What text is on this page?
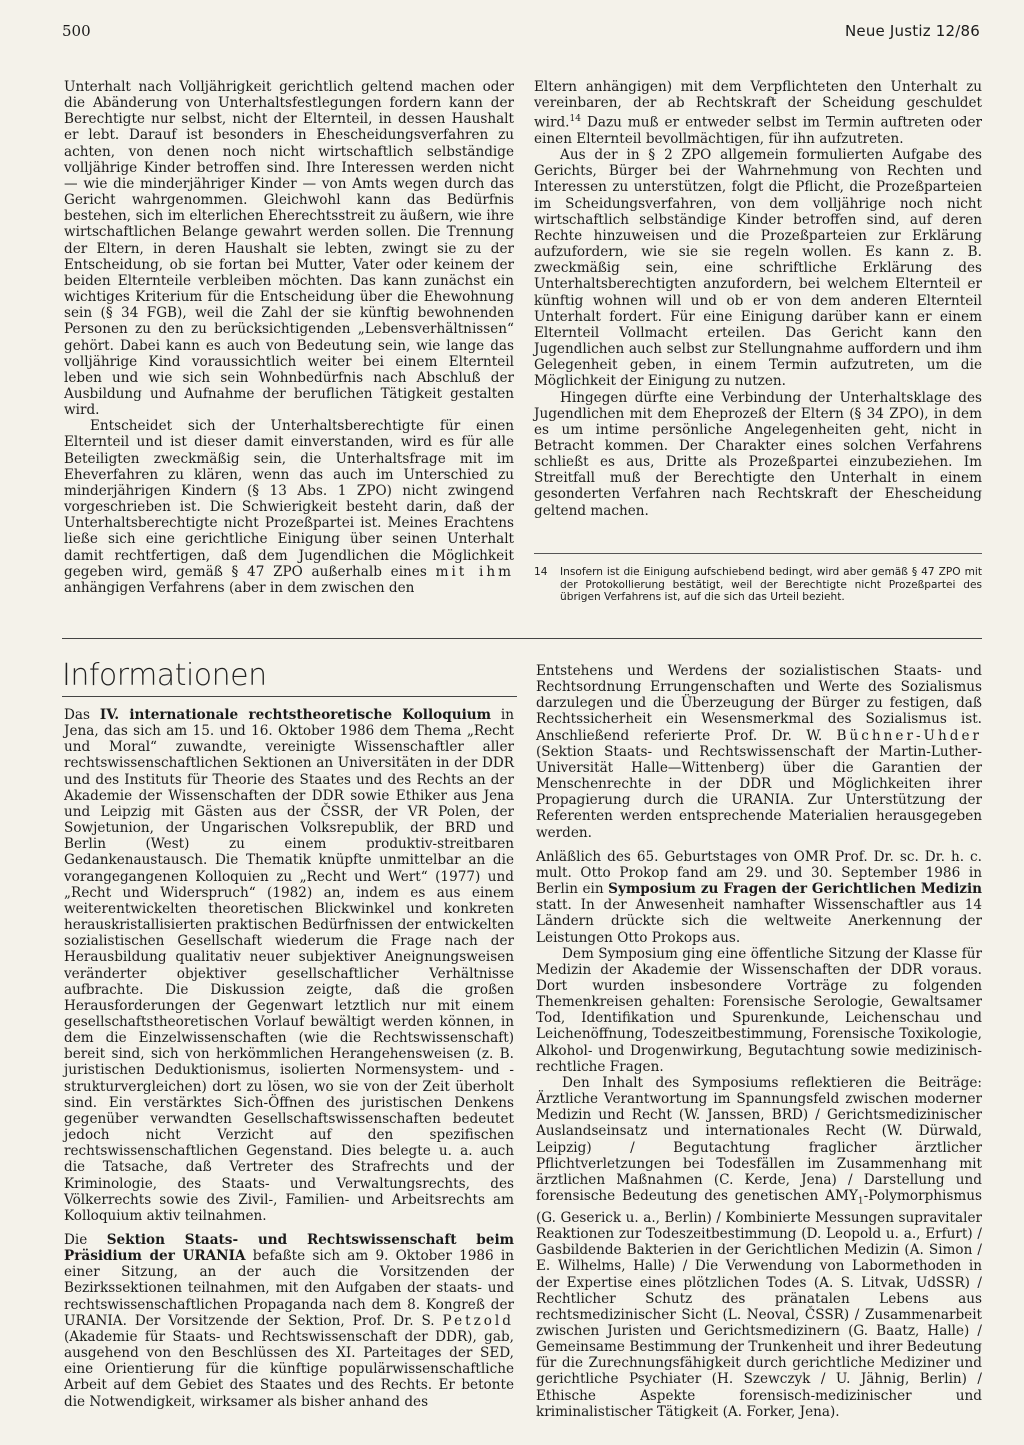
500	Neue Justiz 12/86

Unterhalt nach Volljährigkeit gerichtlich geltend machen oder die Abänderung von Unterhaltsfestlegungen fordern kann der Berechtigte nur selbst, nicht der Elternteil, in dessen Haushalt er lebt. Darauf ist besonders in Ehescheidungsverfahren zu achten, von denen noch nicht wirtschaftlich selbständige volljährige Kinder betroffen sind. Ihre Interessen werden nicht — wie die minderjähriger Kinder — von Amts wegen durch das Gericht wahrgenommen. Gleichwohl kann das Bedürfnis bestehen, sich im elterlichen Eherechtsstreit zu äußern, wie ihre wirtschaftlichen Belange gewahrt werden sollen. Die Trennung der Eltern, in deren Haushalt sie lebten, zwingt sie zu der Entscheidung, ob sie fortan bei Mutter, Vater oder keinem der beiden Elternteile verbleiben möchten. Das kann zunächst ein wichtiges Kriterium für die Entscheidung über die Ehewohnung sein (§ 34 FGB), weil die Zahl der sie künftig bewohnenden Personen zu den zu berücksichtigenden „Lebensverhältnissen“ gehört. Dabei kann es auch von Bedeutung sein, wie lange das volljährige Kind voraussichtlich weiter bei einem Elternteil leben und wie sich sein Wohnbedürfnis nach Abschluß der Ausbildung und Aufnahme der beruflichen Tätigkeit gestalten wird.

Entscheidet sich der Unterhaltsberechtigte für einen Elternteil und ist dieser damit einverstanden, wird es für alle Beteiligten zweckmäßig sein, die Unterhaltsfrage mit im Eheverfahren zu klären, wenn das auch im Unterschied zu minderjährigen Kindern (§ 13 Abs. 1 ZPO) nicht zwingend vorgeschrieben ist. Die Schwierigkeit besteht darin, daß der Unterhaltsberechtigte nicht Prozeßpartei ist. Meines Erachtens ließe sich eine gerichtliche Einigung über seinen Unterhalt damit rechtfertigen, daß dem Jugendlichen die Möglichkeit gegeben wird, gemäß § 47 ZPO außerhalb eines mit ihm anhängigen Verfahrens (aber in dem zwischen den

Eltern anhängigen) mit dem Verpflichteten den Unterhalt zu vereinbaren, der ab Rechtskraft der Scheidung geschuldet wird.$^{14}$ Dazu muß er entweder selbst im Termin auftreten oder einen Elternteil bevollmächtigen, für ihn aufzutreten.

Aus der in § 2 ZPO allgemein formulierten Aufgabe des Gerichts, Bürger bei der Wahrnehmung von Rechten und Interessen zu unterstützen, folgt die Pflicht, die Prozeßparteien im Scheidungsverfahren, von dem volljährige noch nicht wirtschaftlich selbständige Kinder betroffen sind, auf deren Rechte hinzuweisen und die Prozeßparteien zur Erklärung aufzufordern, wie sie sie regeln wollen. Es kann z. B. zweckmäßig sein, eine schriftliche Erklärung des Unterhaltsberechtigten anzufordern, bei welchem Elternteil er künftig wohnen will und ob er von dem anderen Elternteil Unterhalt fordert. Für eine Einigung darüber kann er einem Elternteil Vollmacht erteilen. Das Gericht kann den Jugendlichen auch selbst zur Stellungnahme auffordern und ihm Gelegenheit geben, in einem Termin aufzutreten, um die Möglichkeit der Einigung zu nutzen.

Hingegen dürfte eine Verbindung der Unterhaltsklage des Jugendlichen mit dem Eheprozeß der Eltern (§ 34 ZPO), in dem es um intime persönliche Angelegenheiten geht, nicht in Betracht kommen. Der Charakter eines solchen Verfahrens schließt es aus, Dritte als Prozeßpartei einzubeziehen. Im Streitfall muß der Berechtigte den Unterhalt in einem gesonderten Verfahren nach Rechtskraft der Ehescheidung geltend machen.

14 Insofern ist die Einigung aufschiebend bedingt, wird aber gemäß § 47 ZPO mit der Protokollierung bestätigt, weil der Berechtigte nicht Prozeßpartei des übrigen Verfahrens ist, auf die sich das Urteil bezieht.
Informationen

Das IV. internationale rechtstheoretische Kolloquium in Jena, das sich am 15. und 16. Oktober 1986 dem Thema „Recht und Moral“ zuwandte, vereinigte Wissenschaftler aller rechtswissenschaftlichen Sektionen an Universitäten in der DDR und des Instituts für Theorie des Staates und des Rechts an der Akademie der Wissenschaften der DDR sowie Ethiker aus Jena und Leipzig mit Gästen aus der ČSSR, der VR Polen, der Sowjetunion, der Ungarischen Volksrepublik, der BRD und Berlin (West) zu einem produktiv-streitbaren Gedankenaustausch. Die Thematik knüpfte unmittelbar an die vorangegangenen Kolloquien zu „Recht und Wert“ (1977) und „Recht und Widerspruch“ (1982) an, indem es aus einem weiterentwickelten theoretischen Blickwinkel und konkreten herauskristallisierten praktischen Bedürfnissen der entwickelten sozialistischen Gesellschaft wiederum die Frage nach der Herausbildung qualitativ neuer subjektiver Aneignungsweisen veränderter objektiver gesellschaftlicher Verhältnisse aufbrachte. Die Diskussion zeigte, daß die großen Herausforderungen der Gegenwart letztlich nur mit einem gesellschaftstheoretischen Vorlauf bewältigt werden können, in dem die Einzelwissenschaften (wie die Rechtswissenschaft) bereit sind, sich von herkömmlichen Herangehensweisen (z. B. juristischen Deduktionismus, isolierten Normensystem- und -strukturvergleichen) dort zu lösen, wo sie von der Zeit überholt sind. Ein verstärktes Sich-Öffnen des juristischen Denkens gegenüber verwandten Gesellschaftswissenschaften bedeutet jedoch nicht Verzicht auf den spezifischen rechtswissenschaftlichen Gegenstand. Dies belegte u. a. auch die Tatsache, daß Vertreter des Strafrechts und der Kriminologie, des Staats- und Verwaltungsrechts, des Völkerrechts sowie des Zivil-, Familien- und Arbeitsrechts am Kolloquium aktiv teilnahmen.

Die Sektion Staats- und Rechtswissenschaft beim Präsidium der URANIA befaßte sich am 9. Oktober 1986 in einer Sitzung, an der auch die Vorsitzenden der Bezirkssektionen teilnahmen, mit den Aufgaben der staats- und rechtswissenschaftlichen Propaganda nach dem 8. Kongreß der URANIA. Der Vorsitzende der Sektion, Prof. Dr. S. Petzold (Akademie für Staats- und Rechtswissenschaft der DDR), gab, ausgehend von den Beschlüssen des XI. Parteitages der SED, eine Orientierung für die künftige populärwissenschaftliche Arbeit auf dem Gebiet des Staates und des Rechts. Er betonte die Notwendigkeit, wirksamer als bisher anhand des

Entstehens und Werdens der sozialistischen Staats- und Rechtsordnung Errungenschaften und Werte des Sozialismus darzulegen und die Überzeugung der Bürger zu festigen, daß Rechtssicherheit ein Wesensmerkmal des Sozialismus ist. Anschließend referierte Prof. Dr. W. Büchner-Uhder (Sektion Staats- und Rechtswissenschaft der Martin-Luther-Universität Halle—Wittenberg) über die Garantien der Menschenrechte in der DDR und Möglichkeiten ihrer Propagierung durch die URANIA. Zur Unterstützung der Referenten werden entsprechende Materialien herausgegeben werden.

Anläßlich des 65. Geburtstages von OMR Prof. Dr. sc. Dr. h. c. mult. Otto Prokop fand am 29. und 30. September 1986 in Berlin ein Symposium zu Fragen der Gerichtlichen Medizin statt. In der Anwesenheit namhafter Wissenschaftler aus 14 Ländern drückte sich die weltweite Anerkennung der Leistungen Otto Prokops aus.

Dem Symposium ging eine öffentliche Sitzung der Klasse für Medizin der Akademie der Wissenschaften der DDR voraus. Dort wurden insbesondere Vorträge zu folgenden Themenkreisen gehalten: Forensische Serologie, Gewaltsamer Tod, Identifikation und Spurenkunde, Leichenschau und Leichenöffnung, Todeszeitbestimmung, Forensische Toxikologie, Alkohol- und Drogenwirkung, Begutachtung sowie medizinisch-rechtliche Fragen.

Den Inhalt des Symposiums reflektieren die Beiträge: Ärztliche Verantwortung im Spannungsfeld zwischen moderner Medizin und Recht (W. Janssen, BRD) / Gerichtsmedizinischer Auslandseinsatz und internationales Recht (W. Dürwald, Leipzig) / Begutachtung fraglicher ärztlicher Pflichtverletzungen bei Todesfällen im Zusammenhang mit ärztlichen Maßnahmen (C. Kerde, Jena) / Darstellung und forensische Bedeutung des genetischen $AMY_1$-Polymorphismus (G. Geserick u. a., Berlin) / Kombinierte Messungen supravitaler Reaktionen zur Todeszeitbestimmung (D. Leopold u. a., Erfurt) / Gasbildende Bakterien in der Gerichtlichen Medizin (A. Simon / E. Wilhelms, Halle) / Die Verwendung von Labormethoden in der Expertise eines plötzlichen Todes (A. S. Litvak, UdSSR) / Rechtlicher Schutz des pränatalen Lebens aus rechtsmedizinischer Sicht (L. Neoval, ČSSR) / Zusammenarbeit zwischen Juristen und Gerichtsmedizinern (G. Baatz, Halle) / Gemeinsame Bestimmung der Trunkenheit und ihrer Bedeutung für die Zurechnungsfähigkeit durch gerichtliche Mediziner und gerichtliche Psychiater (H. Szewczyk / U. Jähnig, Berlin) / Ethische Aspekte forensisch-medizinischer und kriminalistischer Tätigkeit (A. Forker, Jena).
